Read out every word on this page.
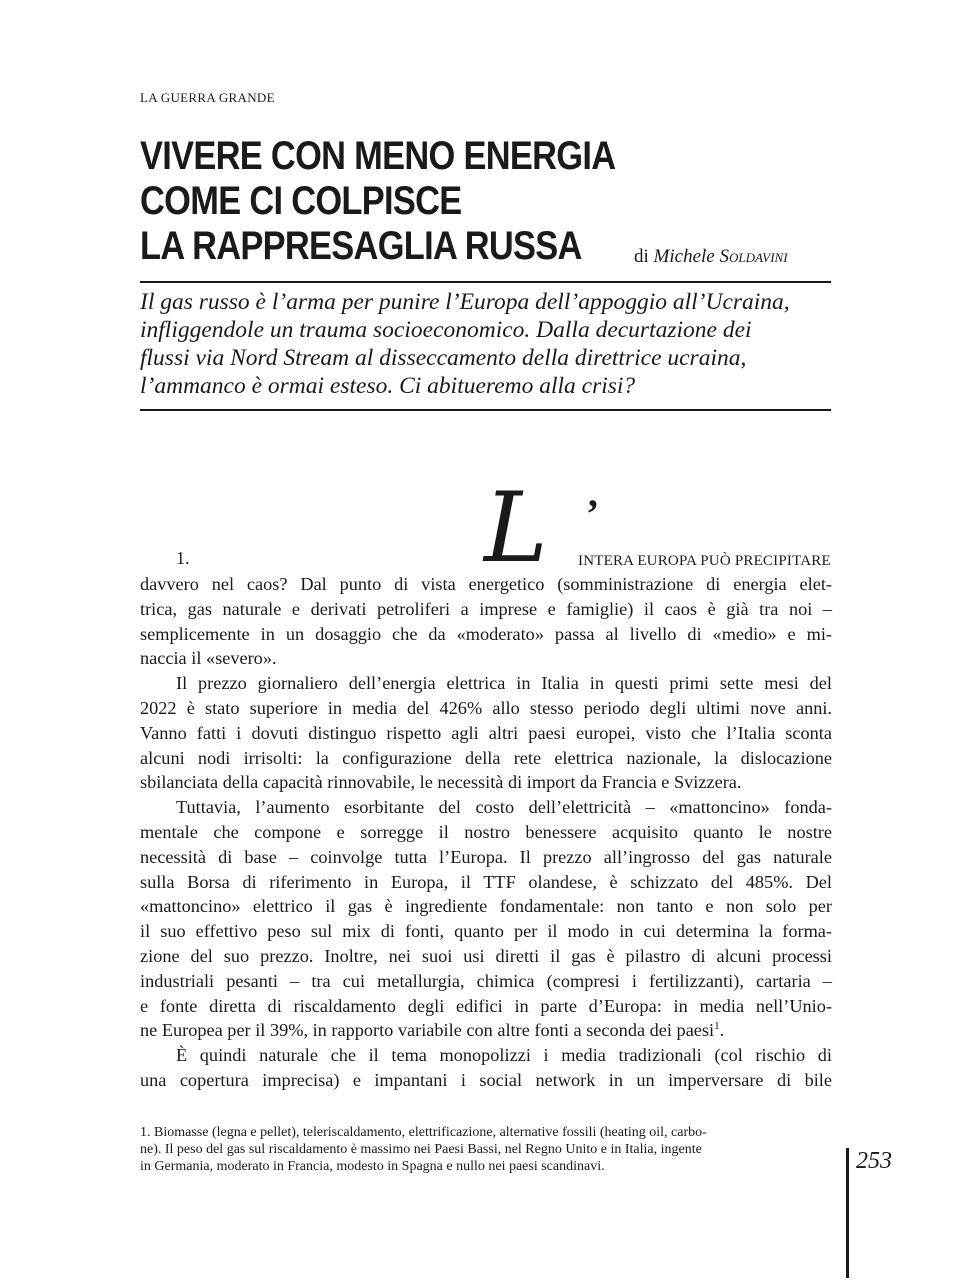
LA GUERRA GRANDE
VIVERE CON MENO ENERGIA
COME CI COLPISCE
LA RAPPRESAGLIA RUSSA	di Michele Soldavini
Il gas russo è l’arma per punire l’Europa dell’appoggio all’Ucraina,
infliggendole un trauma socioeconomico. Dalla decurtazione dei
flussi via Nord Stream al disseccamento della direttrice ucraina,
l’ammanco è ormai esteso. Ci abitueremo alla crisi?
1.	L ’
INTERA EUROPA PUÒ PRECIPITARE

davvero nel caos? Dal punto di vista energetico (somministrazione di energia elet-
trica, gas naturale e derivati petroliferi a imprese e famiglie) il caos è già tra noi –
semplicemente in un dosaggio che da «moderato» passa al livello di «medio» e mi-
naccia il «severo».

Il prezzo giornaliero dell’energia elettrica in Italia in questi primi sette mesi del
2022 è stato superiore in media del 426% allo stesso periodo degli ultimi nove anni.
Vanno fatti i dovuti distinguo rispetto agli altri paesi europei, visto che l’Italia sconta
alcuni nodi irrisolti: la configurazione della rete elettrica nazionale, la dislocazione
sbilanciata della capacità rinnovabile, le necessità di import da Francia e Svizzera.

Tuttavia, l’aumento esorbitante del costo dell’elettricità – «mattoncino» fonda-
mentale che compone e sorregge il nostro benessere acquisito quanto le nostre
necessità di base – coinvolge tutta l’Europa. Il prezzo all’ingrosso del gas naturale
sulla Borsa di riferimento in Europa, il TTF olandese, è schizzato del 485%. Del
«mattoncino» elettrico il gas è ingrediente fondamentale: non tanto e non solo per
il suo effettivo peso sul mix di fonti, quanto per il modo in cui determina la forma-
zione del suo prezzo. Inoltre, nei suoi usi diretti il gas è pilastro di alcuni processi
industriali pesanti – tra cui metallurgia, chimica (compresi i fertilizzanti), cartaria –
e fonte diretta di riscaldamento degli edifici in parte d’Europa: in media nell’Unio-
ne Europea per il 39%, in rapporto variabile con altre fonti a seconda dei paesi$^1$.

È quindi naturale che il tema monopolizzi i media tradizionali (col rischio di
una copertura imprecisa) e impantani i social network in un imperversare di bile

1. Biomasse (legna e pellet), teleriscaldamento, elettrificazione, alternative fossili (heating oil, carbo-
ne). Il peso del gas sul riscaldamento è massimo nei Paesi Bassi, nel Regno Unito e in Italia, ingente
in Germania, moderato in Francia, modesto in Spagna e nullo nei paesi scandinavi.	253
